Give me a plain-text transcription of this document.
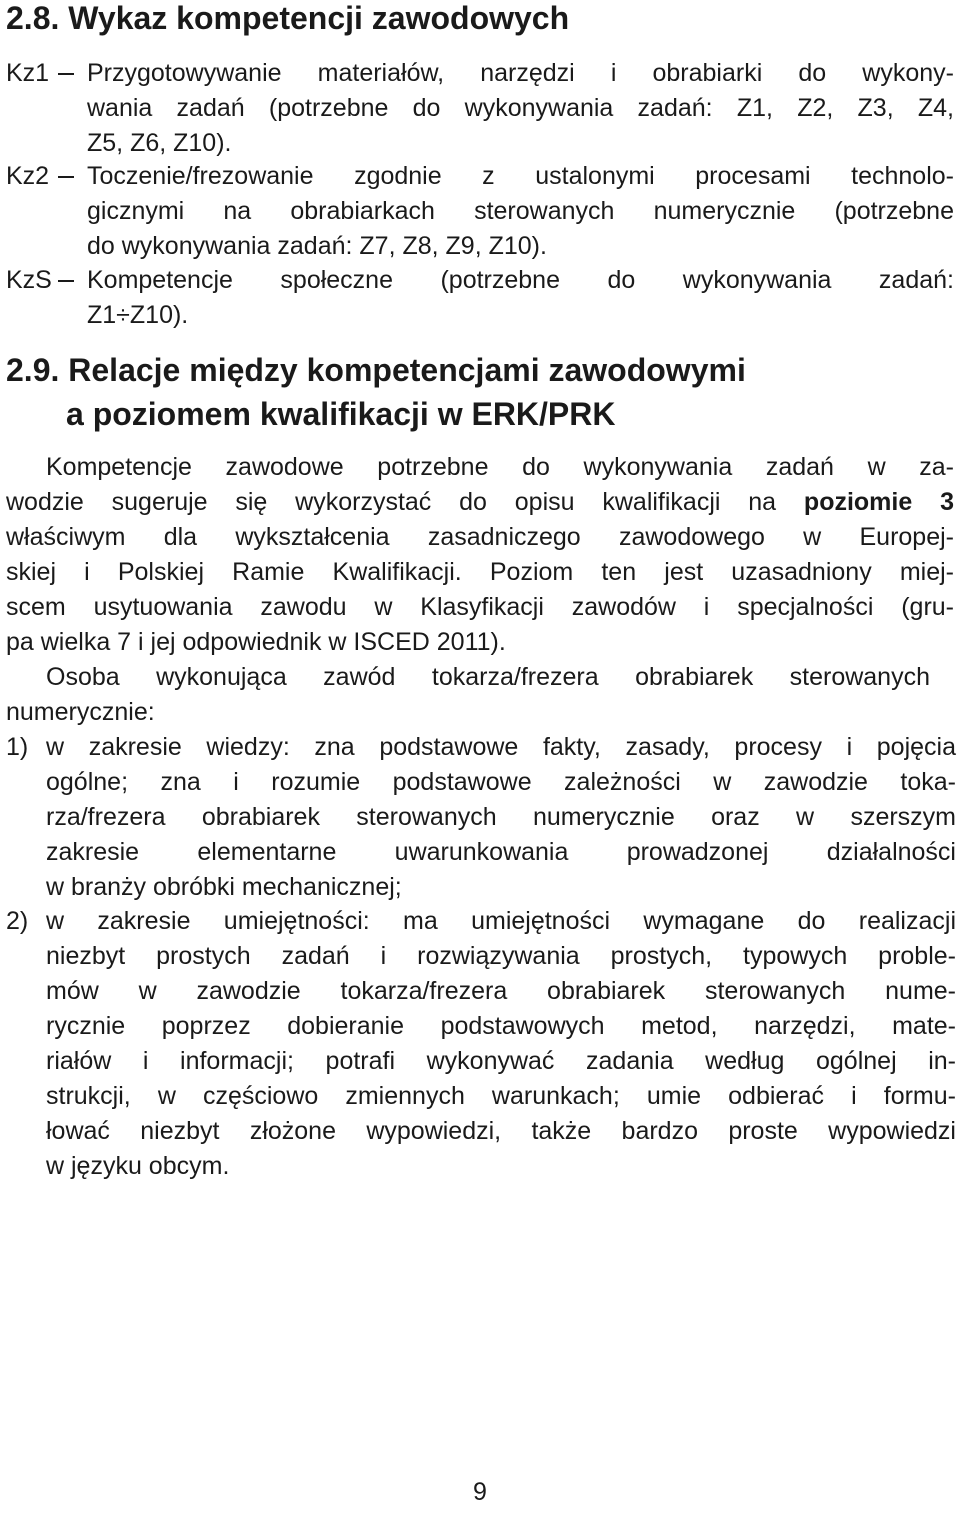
2.8. Wykaz kompetencji zawodowych
Kz1 Przygotowywanie materiałów, narzędzi i obrabiarki do wykony-
wania zadań (potrzebne do wykonywania zadań: Z1, Z2, Z3, Z4,
Z5, Z6, Z10).
Kz2 Toczenie/frezowanie zgodnie z ustalonymi procesami technolo-
gicznymi na obrabiarkach sterowanych numerycznie (potrzebne
do wykonywania zadań: Z7, Z8, Z9, Z10).
KzS Kompetencje społeczne (potrzebne do wykonywania zadań:
Z1÷Z10).
2.9. Relacje między kompetencjami zawodowymi
a poziomem kwalifikacji w ERK/PRK
Kompetencje zawodowe potrzebne do wykonywania zadań w za-
wodzie sugeruje się wykorzystać do opisu kwalifikacji na poziomie 3
właściwym dla wykształcenia zasadniczego zawodowego w Europej-
skiej i Polskiej Ramie Kwalifikacji. Poziom ten jest uzasadniony miej-
scem usytuowania zawodu w Klasyfikacji zawodów i specjalności (gru-
pa wielka 7 i jej odpowiednik w ISCED 2011).
Osoba wykonująca zawód tokarza/frezera obrabiarek sterowanych
numerycznie:
1) w zakresie wiedzy: zna podstawowe fakty, zasady, procesy i pojęcia
ogólne; zna i rozumie podstawowe zależności w zawodzie toka-
rza/frezera obrabiarek sterowanych numerycznie oraz w szerszym
zakresie elementarne uwarunkowania prowadzonej działalności
w branży obróbki mechanicznej;
2) w zakresie umiejętności: ma umiejętności wymagane do realizacji
niezbyt prostych zadań i rozwiązywania prostych, typowych proble-
mów w zawodzie tokarza/frezera obrabiarek sterowanych nume-
rycznie poprzez dobieranie podstawowych metod, narzędzi, mate-
riałów i informacji; potrafi wykonywać zadania według ogólnej in-
strukcji, w częściowo zmiennych warunkach; umie odbierać i formu-
łować niezbyt złożone wypowiedzi, także bardzo proste wypowiedzi
w języku obcym.
9
